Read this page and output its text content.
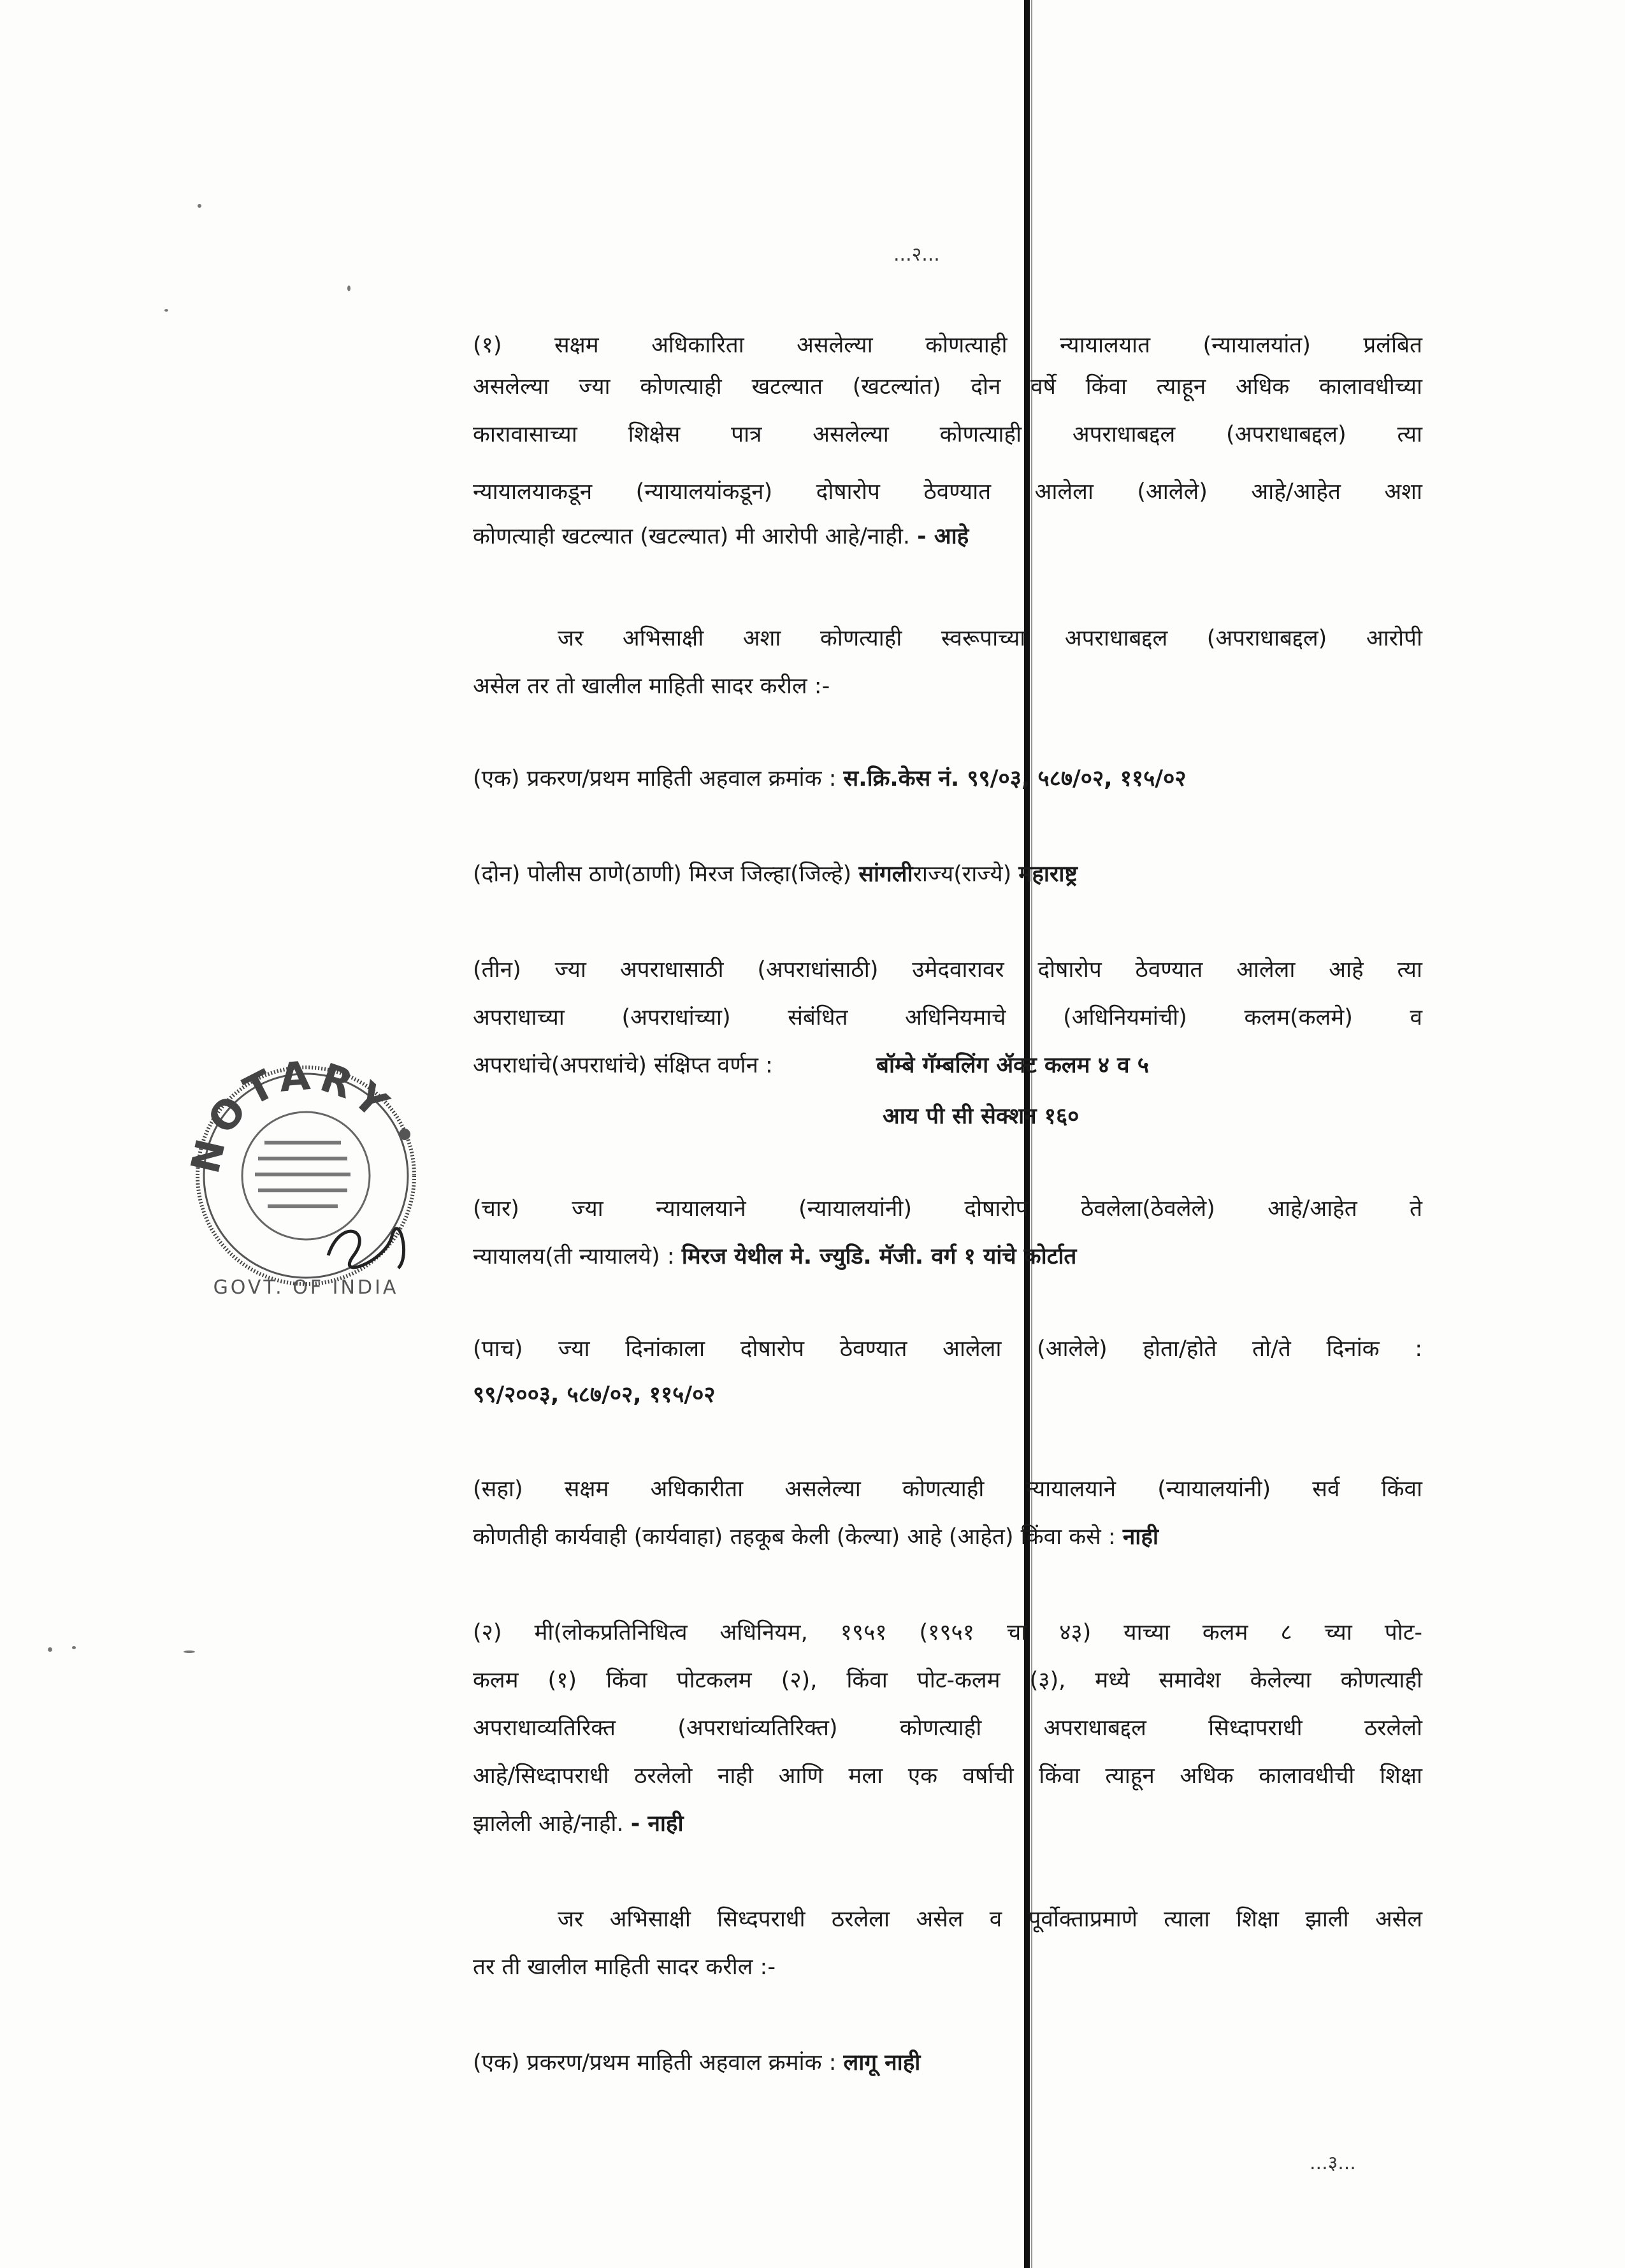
...२...
(१) सक्षम अधिकारिता असलेल्या कोणत्याही न्यायालयात (न्यायालयांत) प्रलंबित
असलेल्या ज्या कोणत्याही खटल्यात (खटल्यांत) दोन वर्षे किंवा त्याहून अधिक कालावधीच्या
कारावासाच्या शिक्षेस पात्र असलेल्या कोणत्याही अपराधाबद्दल (अपराधाबद्दल) त्या
न्यायालयाकडून (न्यायालयांकडून) दोषारोप ठेवण्यात आलेला (आलेले) आहे/आहेत अशा
कोणत्याही खटल्यात (खटल्यात) मी आरोपी आहे/नाही. - आहे
जर अभिसाक्षी अशा कोणत्याही स्वरूपाच्या अपराधाबद्दल (अपराधाबद्दल) आरोपी
असेल तर तो खालील माहिती सादर करील :-
(एक) प्रकरण/प्रथम माहिती अहवाल क्रमांक : स.क्रि.केस नं. ९९/०३, ५८७/०२, ११५/०२
(दोन) पोलीस ठाणे(ठाणी) मिरज जिल्हा(जिल्हे) सांगलीराज्य(राज्ये) महाराष्ट्र
(तीन) ज्या अपराधासाठी (अपराधांसाठी) उमेदवारावर दोषारोप ठेवण्यात आलेला आहे त्या
अपराधाच्या (अपराधांच्या) संबंधित अधिनियमाचे (अधिनियमांची) कलम(कलमे) व
अपराधांचे(अपराधांचे) संक्षिप्त वर्णन :	बॉम्बे गॅम्बलिंग ॲक्ट कलम ४ व ५
आय पी सी सेक्शन १६०
(चार) ज्या न्यायालयाने (न्यायालयांनी) दोषारोप ठेवलेला(ठेवलेले) आहे/आहेत ते
न्यायालय(ती न्यायालये) : मिरज येथील मे. ज्युडि. मॅजी. वर्ग १ यांचे कोर्टात
(पाच) ज्या दिनांकाला दोषारोप ठेवण्यात आलेला (आलेले) होता/होते तो/ते दिनांक :
९९/२००३, ५८७/०२, ११५/०२
(सहा) सक्षम अधिकारीता असलेल्या कोणत्याही न्यायालयाने (न्यायालयांनी) सर्व किंवा
कोणतीही कार्यवाही (कार्यवाहा) तहकूब केली (केल्या) आहे (आहेत) किंवा कसे : नाही
(२) मी(लोकप्रतिनिधित्व अधिनियम, १९५१ (१९५१ चा ४३) याच्या कलम ८ च्या पोट-
कलम (१) किंवा पोटकलम (२), किंवा पोट-कलम (३), मध्ये समावेश केलेल्या कोणत्याही
अपराधाव्यतिरिक्त (अपराधांव्यतिरिक्त) कोणत्याही अपराधाबद्दल सिध्दापराधी ठरलेलो
आहे/सिध्दापराधी ठरलेलो नाही आणि मला एक वर्षाची किंवा त्याहून अधिक कालावधीची शिक्षा
झालेली आहे/नाही. - नाही
जर अभिसाक्षी सिध्दपराधी ठरलेला असेल व पूर्वोक्ताप्रमाणे त्याला शिक्षा झाली असेल
तर ती खालील माहिती सादर करील :-
(एक) प्रकरण/प्रथम माहिती अहवाल क्रमांक : लागू नाही
...३...
NOTARY
GOVT. OF INDIA
